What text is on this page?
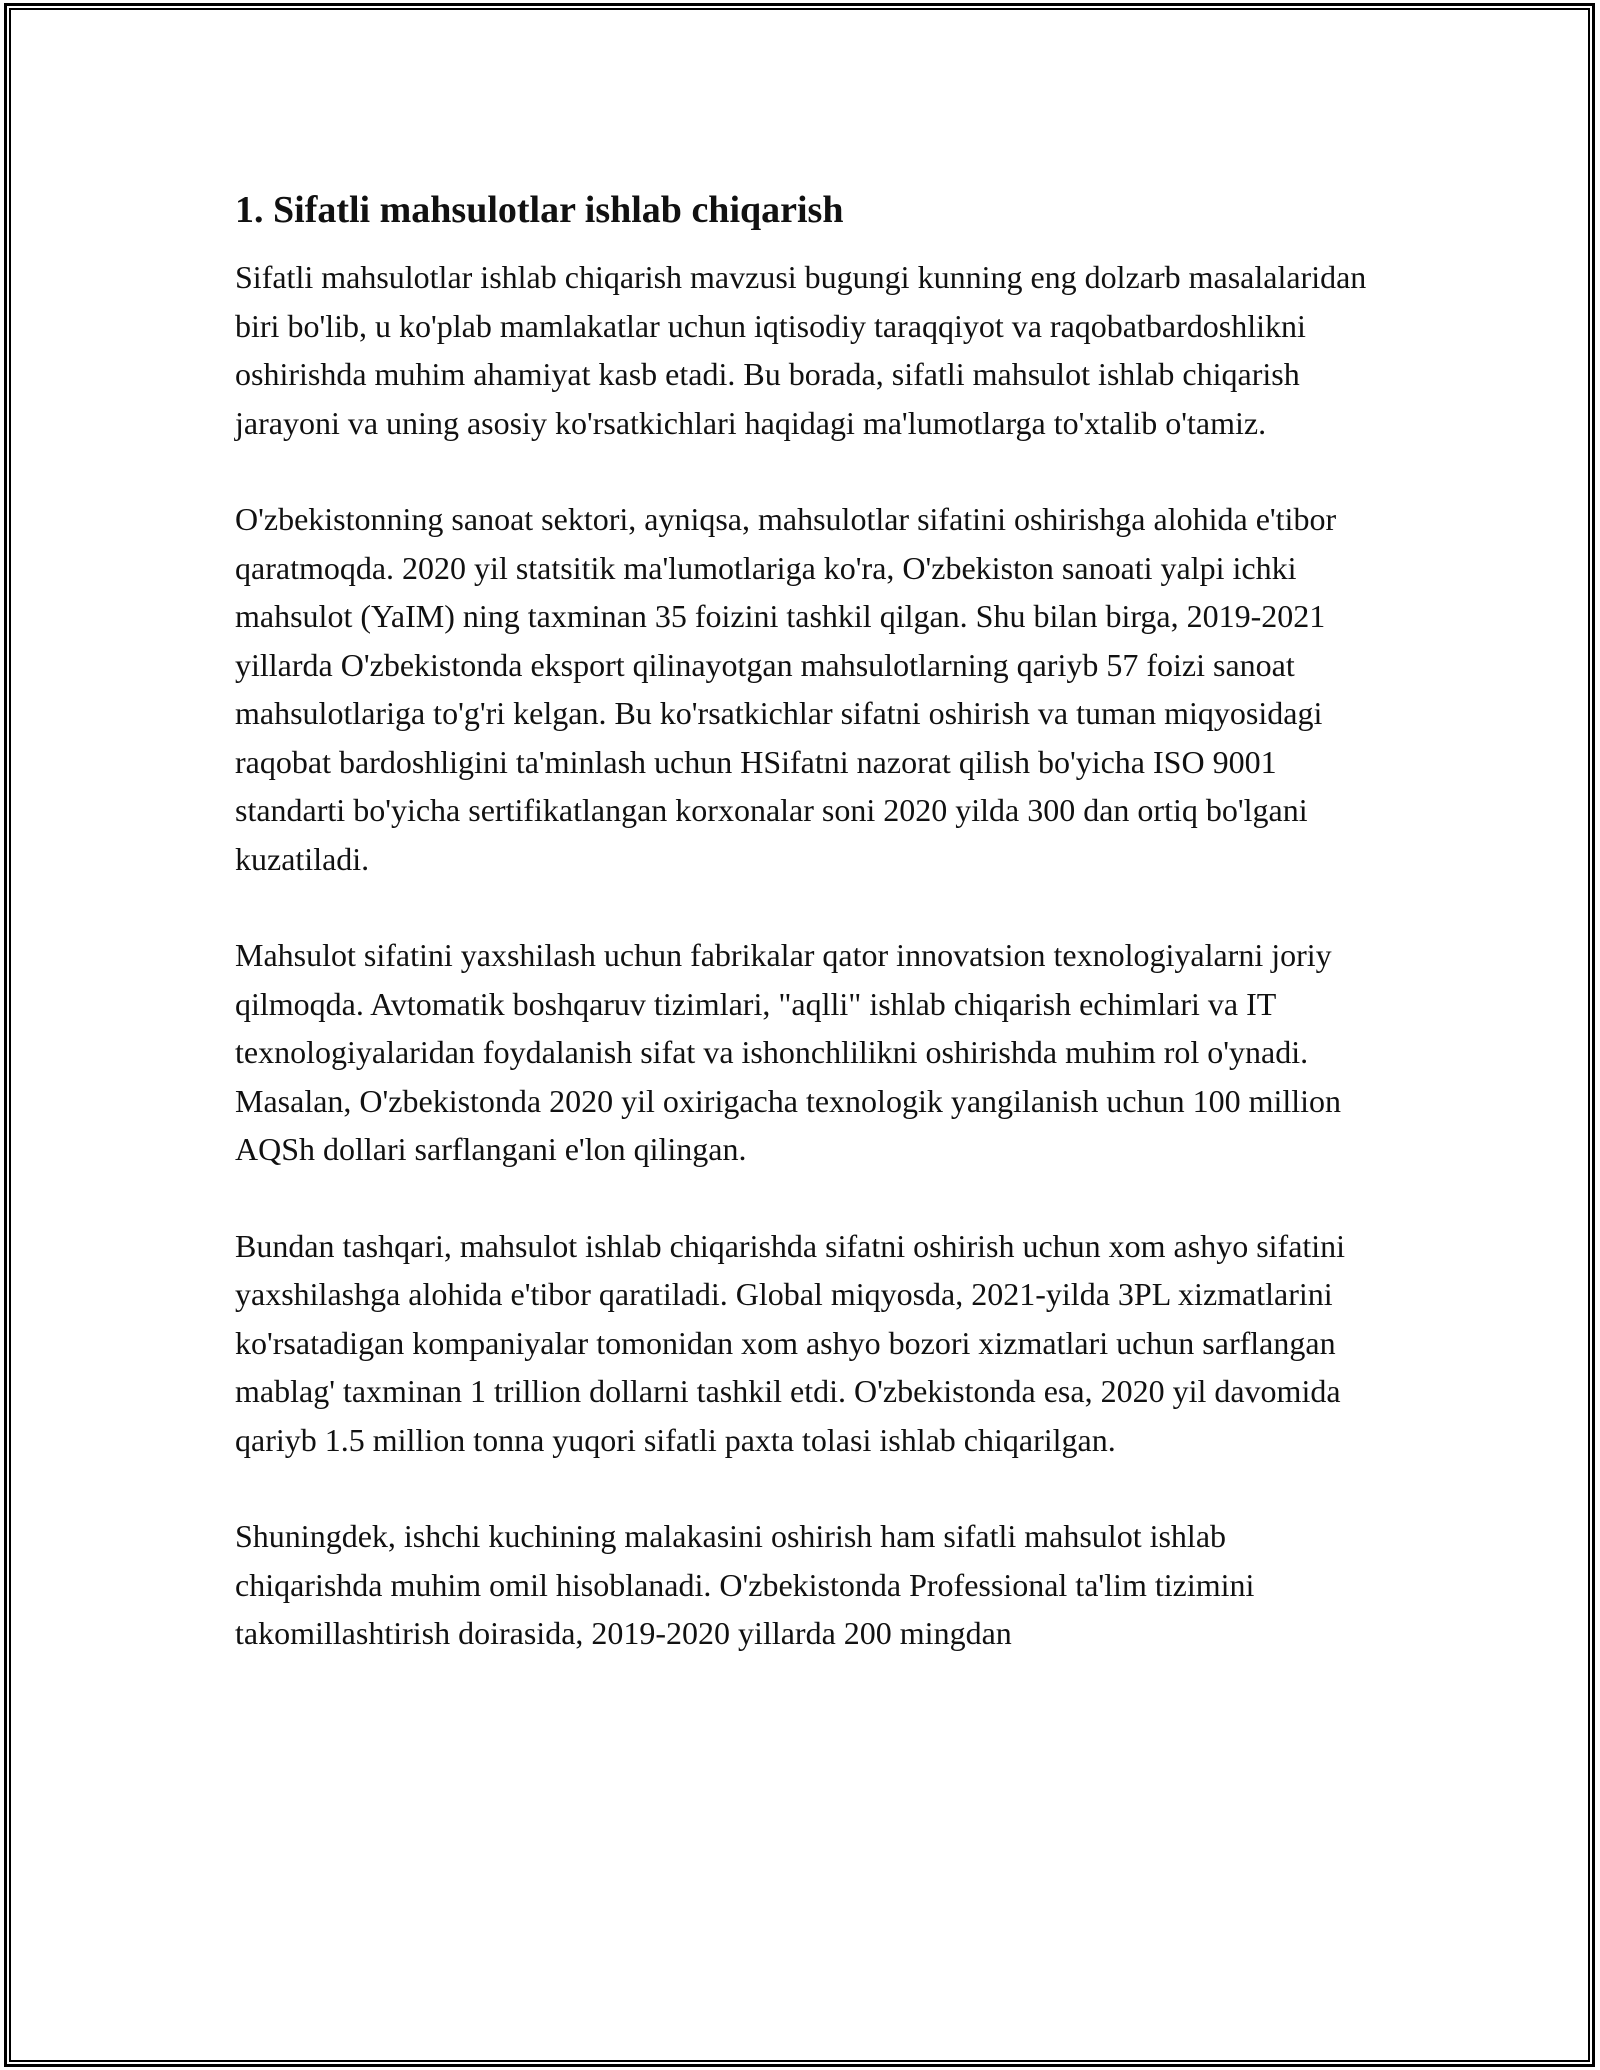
1. Sifatli mahsulotlar ishlab chiqarish

Sifatli mahsulotlar ishlab chiqarish mavzusi bugungi kunning eng dolzarb masalalaridan biri bo'lib, u ko'plab mamlakatlar uchun iqtisodiy taraqqiyot va raqobatbardoshlikni oshirishda muhim ahamiyat kasb etadi. Bu borada, sifatli mahsulot ishlab chiqarish jarayoni va uning asosiy ko'rsatkichlari haqidagi ma'lumotlarga to'xtalib o'tamiz.

O'zbekistonning sanoat sektori, ayniqsa, mahsulotlar sifatini oshirishga alohida e'tibor qaratmoqda. 2020 yil statsitik ma'lumotlariga ko'ra, O'zbekiston sanoati yalpi ichki mahsulot (YaIM) ning taxminan 35 foizini tashkil qilgan. Shu bilan birga, 2019-2021 yillarda O'zbekistonda eksport qilinayotgan mahsulotlarning qariyb 57 foizi sanoat mahsulotlariga to'g'ri kelgan. Bu ko'rsatkichlar sifatni oshirish va tuman miqyosidagi raqobat bardoshligini ta'minlash uchun HSifatni nazorat qilish bo'yicha ISO 9001 standarti bo'yicha sertifikatlangan korxonalar soni 2020 yilda 300 dan ortiq bo'lgani kuzatiladi.

Mahsulot sifatini yaxshilash uchun fabrikalar qator innovatsion texnologiyalarni joriy qilmoqda. Avtomatik boshqaruv tizimlari, "aqlli" ishlab chiqarish echimlari va IT texnologiyalaridan foydalanish sifat va ishonchlilikni oshirishda muhim rol o'ynadi. Masalan, O'zbekistonda 2020 yil oxirigacha texnologik yangilanish uchun 100 million AQSh dollari sarflangani e'lon qilingan.

Bundan tashqari, mahsulot ishlab chiqarishda sifatni oshirish uchun xom ashyo sifatini yaxshilashga alohida e'tibor qaratiladi. Global miqyosda, 2021-yilda 3PL xizmatlarini ko'rsatadigan kompaniyalar tomonidan xom ashyo bozori xizmatlari uchun sarflangan mablag' taxminan 1 trillion dollarni tashkil etdi. O'zbekistonda esa, 2020 yil davomida qariyb 1.5 million tonna yuqori sifatli paxta tolasi ishlab chiqarilgan.

Shuningdek, ishchi kuchining malakasini oshirish ham sifatli mahsulot ishlab chiqarishda muhim omil hisoblanadi. O'zbekistonda Professional ta'lim tizimini takomillashtirish doirasida, 2019-2020 yillarda 200 mingdan
